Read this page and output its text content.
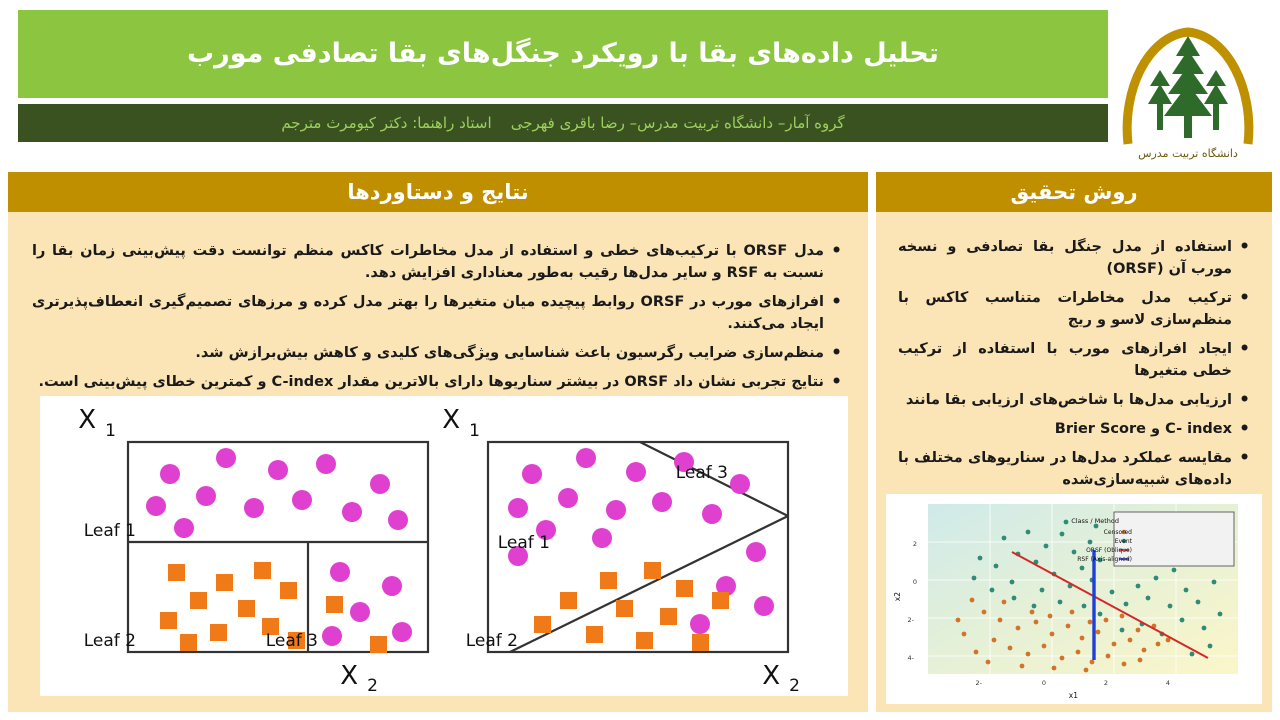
تحلیل داده‌های بقا با رویکرد جنگل‌های بقا تصادفی مورب
گروه آمار– دانشگاه تربیت مدرس– رضا باقری فهرجی    استاد راهنما: دکتر کیومرث مترجم
دانشگاه تربیت مدرس
نتایج و دستاوردها	روش تحقیق
• مدل ORSF با ترکیب‌های خطی و استفاده از مدل مخاطرات کاکس منظم توانست دقت پیش‌بینی زمان بقا را نسبت به RSF و سایر مدل‌ها رقیب به‌طور معناداری افزایش دهد.
• افرازهای مورب در ORSF روابط پیچیده میان متغیرها را بهتر مدل کرده و مرزهای تصمیم‌گیری انعطاف‌پذیرتری ایجاد می‌کنند.
• منظم‌سازی ضرایب رگرسیون باعث شناسایی ویژگی‌های کلیدی و کاهش بیش‌برازش شد.
• نتایج تجربی نشان داد ORSF در بیشتر سناریوها دارای بالاترین مقدار C-index و کمترین خطای پیش‌بینی است.
X 1
Leaf 1
Leaf 2	Leaf 3
X 2
X 1
Leaf 3
Leaf 1
Leaf 2
X 2
• استفاده از مدل جنگل بقا تصادفی و نسخه مورب آن (ORSF)
• ترکیب مدل مخاطرات متناسب کاکس با منظم‌سازی لاسو و ریج
• ایجاد افرازهای مورب با استفاده از ترکیب خطی متغیرها
• ارزیابی مدل‌ها با شاخص‌های ارزیابی بقا مانند
• C- index و Brier Score
• مقایسه عملکرد مدل‌ها در سناریوهای مختلف با داده‌های شبیه‌سازی‌شده
Class / Method
Censored
Event
ORSF (Oblique)
RSF (Axis-aligned)
-2	0	2	4
-4
-2
0
2
x1
x2
